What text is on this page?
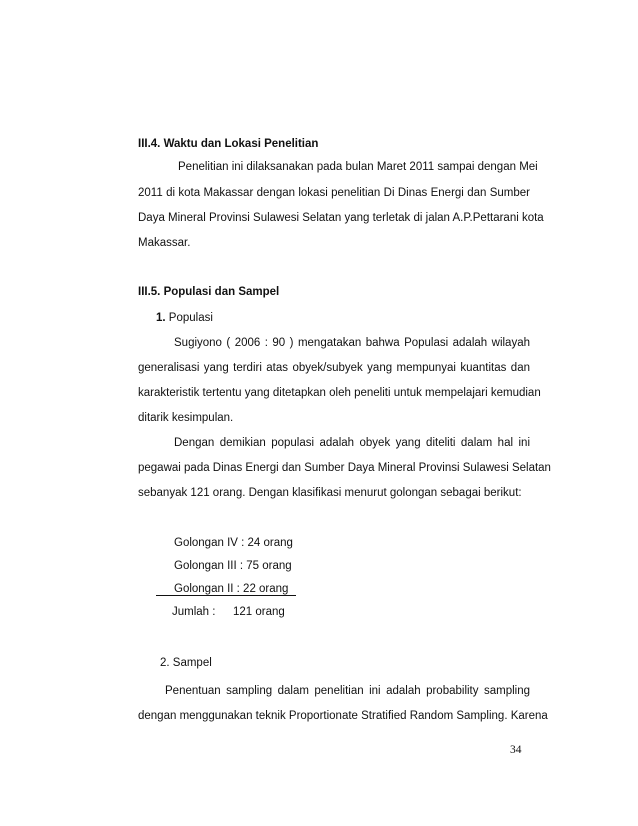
III.4. Waktu dan Lokasi Penelitian
Penelitian ini dilaksanakan pada bulan Maret 2011 sampai dengan Mei
2011 di kota Makassar dengan lokasi penelitian Di Dinas Energi dan Sumber
Daya Mineral Provinsi Sulawesi Selatan yang terletak di jalan A.P.Pettarani kota
Makassar.
III.5. Populasi dan Sampel
1. Populasi
Sugiyono ( 2006 : 90 ) mengatakan bahwa Populasi adalah wilayah
generalisasi yang terdiri atas obyek/subyek yang mempunyai kuantitas dan
karakteristik tertentu yang ditetapkan oleh peneliti untuk mempelajari kemudian
ditarik kesimpulan.
Dengan demikian populasi adalah obyek yang diteliti dalam hal ini
pegawai pada Dinas Energi dan Sumber Daya Mineral Provinsi Sulawesi Selatan
sebanyak 121 orang. Dengan klasifikasi menurut golongan sebagai berikut:
Golongan IV : 24 orang
Golongan III : 75 orang
Golongan II : 22 orang
Jumlah : 121 orang
2. Sampel
Penentuan sampling dalam penelitian ini adalah probability sampling
dengan menggunakan teknik Proportionate Stratified Random Sampling. Karena
34
